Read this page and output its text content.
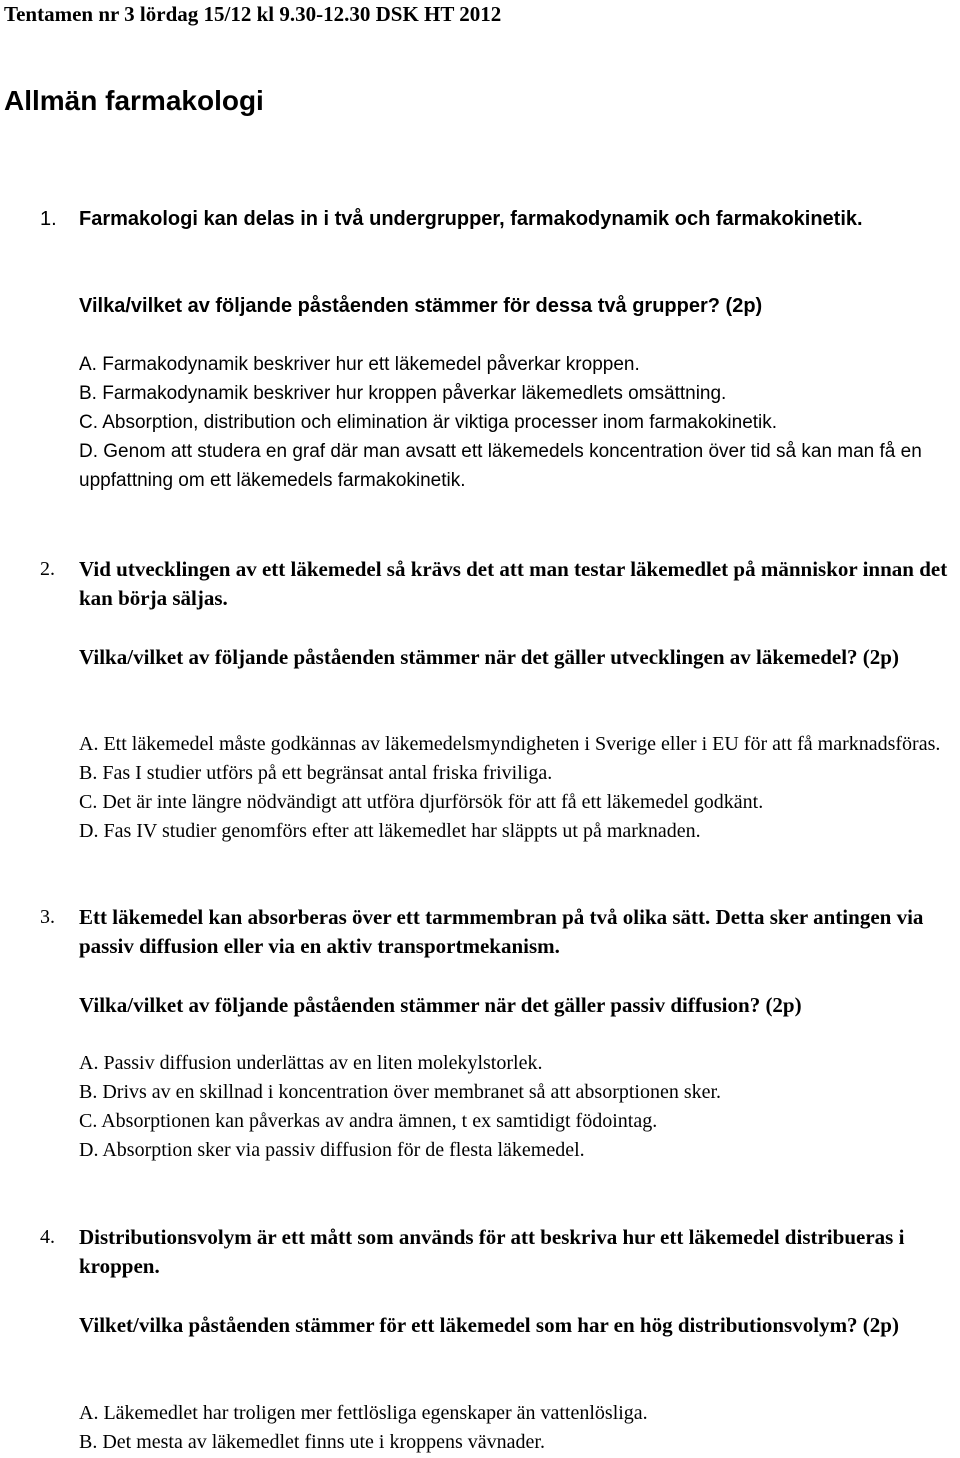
Tentamen nr 3 lördag 15/12 kl 9.30-12.30 DSK HT 2012
Allmän farmakologi
1. Farmakologi kan delas in i två undergrupper, farmakodynamik och farmakokinetik.

Vilka/vilket av följande påståenden stämmer för dessa två grupper? (2p)

A. Farmakodynamik beskriver hur ett läkemedel påverkar kroppen.
B. Farmakodynamik beskriver hur kroppen påverkar läkemedlets omsättning.
C. Absorption, distribution och elimination är viktiga processer inom farmakokinetik.
D. Genom att studera en graf där man avsatt ett läkemedels koncentration över tid så kan man få en uppfattning om ett läkemedels farmakokinetik.
2. Vid utvecklingen av ett läkemedel så krävs det att man testar läkemedlet på människor innan det kan börja säljas.

Vilka/vilket av följande påståenden stämmer när det gäller utvecklingen av läkemedel? (2p)

A. Ett läkemedel måste godkännas av läkemedelsmyndigheten i Sverige eller i EU för att få marknadsföras.
B. Fas I studier utförs på ett begränsat antal friska friviliga.
C. Det är inte längre nödvändigt att utföra djurförsök för att få ett läkemedel godkänt.
D. Fas IV studier genomförs efter att läkemedlet har släppts ut på marknaden.
3. Ett läkemedel kan absorberas över ett tarmmembran på två olika sätt. Detta sker antingen via passiv diffusion eller via en aktiv transportmekanism.

Vilka/vilket av följande påståenden stämmer när det gäller passiv diffusion? (2p)

A. Passiv diffusion underlättas av en liten molekylstorlek.
B. Drivs av en skillnad i koncentration över membranet så att absorptionen sker.
C. Absorptionen kan påverkas av andra ämnen, t ex samtidigt födointag.
D. Absorption sker via passiv diffusion för de flesta läkemedel.
4. Distributionsvolym är ett mått som används för att beskriva hur ett läkemedel distribueras i kroppen.

Vilket/vilka påståenden stämmer för ett läkemedel som har en hög distributionsvolym? (2p)

A. Läkemedlet har troligen mer fettlösliga egenskaper än vattenlösliga.
B. Det mesta av läkemedlet finns ute i kroppens vävnader.
